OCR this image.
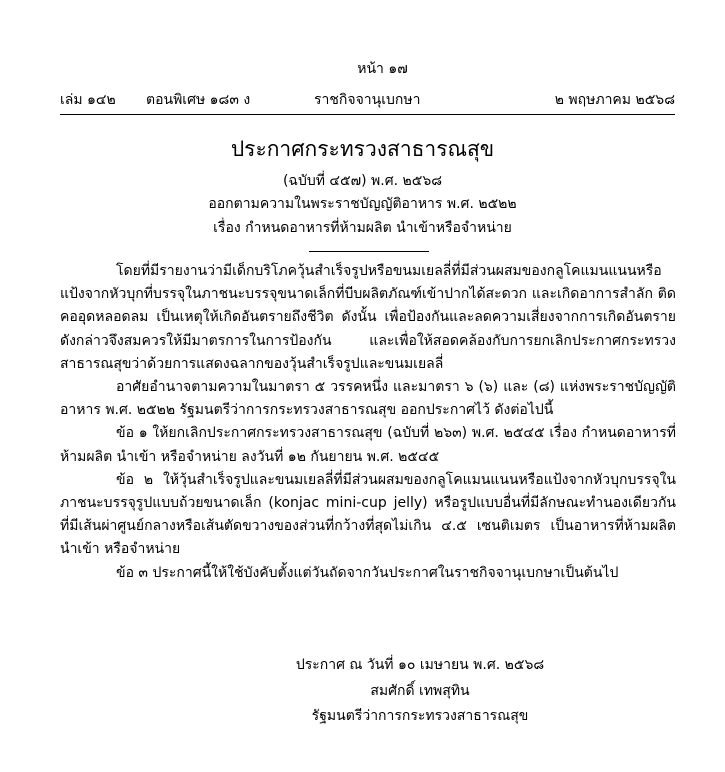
หน้า ๑๗
เล่ม ๑๔๒ ตอนพิเศษ ๑๘๓ ง	ราชกิจจานุเบกษา	๒ พฤษภาคม ๒๕๖๘
ประกาศกระทรวงสาธารณสุข
(ฉบับที่ ๔๕๗) พ.ศ. ๒๕๖๘
ออกตามความในพระราชบัญญัติอาหาร พ.ศ. ๒๕๒๒
เรื่อง กำหนดอาหารที่ห้ามผลิต นำเข้าหรือจำหน่าย

โดยที่มีรายงานว่ามีเด็กบริโภควุ้นสำเร็จรูปหรือขนมเยลลี่ที่มีส่วนผสมของกลูโคแมนแนนหรือแป้งจากหัวบุกที่บรรจุในภาชนะบรรจุขนาดเล็กที่บีบผลิตภัณฑ์เข้าปากได้สะดวก และเกิดอาการสำลัก ติดคออุดหลอดลม เป็นเหตุให้เกิดอันตรายถึงชีวิต ดังนั้น เพื่อป้องกันและลดความเสี่ยงจากการเกิดอันตรายดังกล่าวจึงสมควรให้มีมาตรการในการป้องกัน และเพื่อให้สอดคล้องกับการยกเลิกประกาศกระทรวงสาธารณสุขว่าด้วยการแสดงฉลากของวุ้นสำเร็จรูปและขนมเยลลี่

อาศัยอำนาจตามความในมาตรา ๕ วรรคหนึ่ง และมาตรา ๖ (๖) และ (๘) แห่งพระราชบัญญัติอาหาร พ.ศ. ๒๕๒๒ รัฐมนตรีว่าการกระทรวงสาธารณสุข ออกประกาศไว้ ดังต่อไปนี้

ข้อ ๑ ให้ยกเลิกประกาศกระทรวงสาธารณสุข (ฉบับที่ ๒๖๓) พ.ศ. ๒๕๔๕ เรื่อง กำหนดอาหารที่ห้ามผลิต นำเข้า หรือจำหน่าย ลงวันที่ ๑๒ กันยายน พ.ศ. ๒๕๔๕

ข้อ ๒ ให้วุ้นสำเร็จรูปและขนมเยลลี่ที่มีส่วนผสมของกลูโคแมนแนนหรือแป้งจากหัวบุกบรรจุในภาชนะบรรจุรูปแบบถ้วยขนาดเล็ก (konjac mini-cup jelly) หรือรูปแบบอื่นที่มีลักษณะทำนองเดียวกัน ที่มีเส้นผ่าศูนย์กลางหรือเส้นตัดขวางของส่วนที่กว้างที่สุดไม่เกิน ๔.๕ เซนติเมตร เป็นอาหารที่ห้ามผลิต นำเข้า หรือจำหน่าย

ข้อ ๓ ประกาศนี้ให้ใช้บังคับตั้งแต่วันถัดจากวันประกาศในราชกิจจานุเบกษาเป็นต้นไป

ประกาศ ณ วันที่ ๑๐ เมษายน พ.ศ. ๒๕๖๘
สมศักดิ์ เทพสุทิน
รัฐมนตรีว่าการกระทรวงสาธารณสุข
